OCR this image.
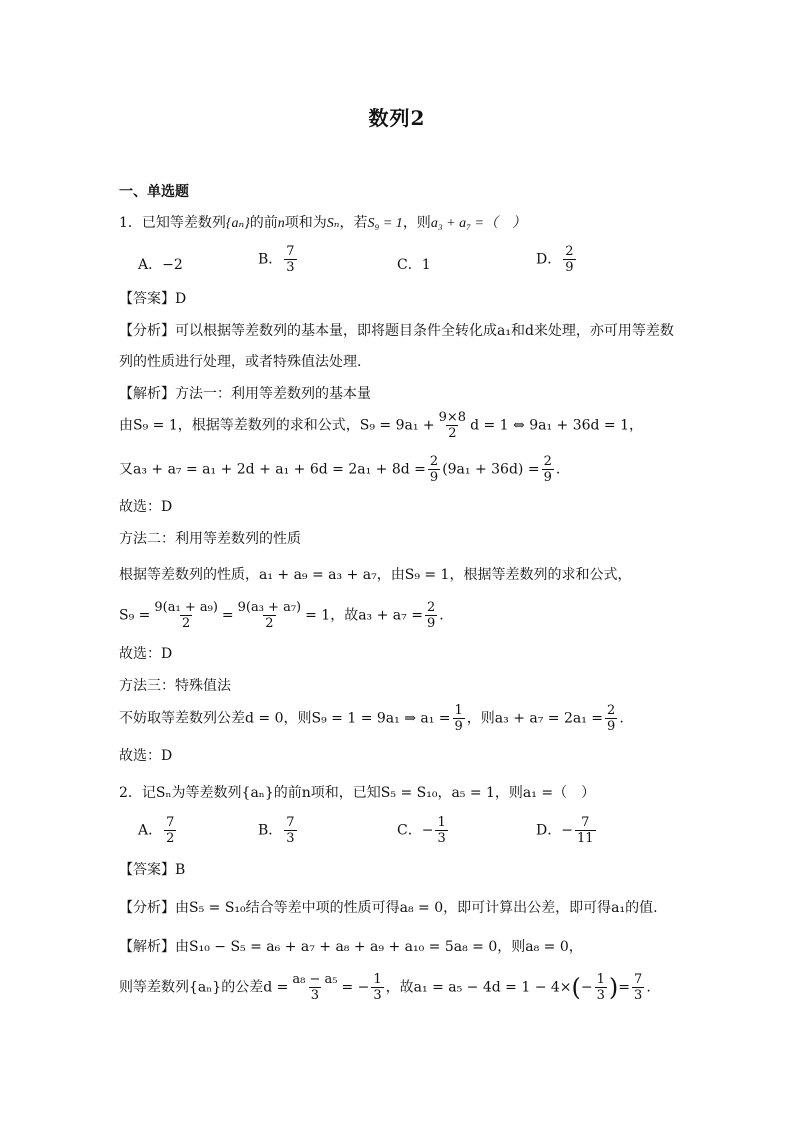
数列2
一、单选题
1．已知等差数列{aₙ}的前n项和为Sₙ，若S₉ = 1，则a₃ + a₇ =（　）
A．−2	B． $\frac{7}{3}$	C．1	D． $\frac{2}{9}$
【答案】D
【分析】可以根据等差数列的基本量，即将题目条件全转化成a₁和d来处理，亦可用等差数
列的性质进行处理，或者特殊值法处理.
【解析】方法一：利用等差数列的基本量
由S₉ = 1，根据等差数列的求和公式，$S_9 = 9a_1 + \frac{9\times 8}{2}$ d = 1 ⇔ 9a₁ + 36d = 1，
又$a_3 + a_7 = a_1 + 2d + a_1 + 6d = 2a_1 + 8d = \frac{2}{9} (9a_1 + 36d) = \frac{2}{9}$ .
故选：D
方法二：利用等差数列的性质
根据等差数列的性质，a₁ + a₉ = a₃ + a₇，由S₉ = 1，根据等差数列的求和公式，
$S_9 = \frac{\text{9(a₁ + a₉)}}{2} = \frac{\text{9(a₃ + a₇)}}{2} = 1$，故$a_3 + a_7 = \frac{2}{9}$ .
故选：D
方法三：特殊值法
不妨取等差数列公差d = 0，则S₉ = 1 = 9a₁ ⇒ $a_1 = \frac{1}{9}$ ，则$a_3 + a_7 = 2a_1 = \frac{2}{9}$ .
故选：D
2．记Sₙ为等差数列{aₙ}的前n项和，已知S₅ = S₁₀，a₅ = 1，则a₁ =（　）
A． $\frac{7}{2}$	B． $\frac{7}{3}$	C．− $\frac{1}{3}$	D．− $\frac{7}{11}$
【答案】B
【分析】由S₅ = S₁₀结合等差中项的性质可得a₈ = 0，即可计算出公差，即可得a₁的值.
【解析】由S₁₀ − S₅ = a₆ + a₇ + a₈ + a₉ + a₁₀ = 5a₈ = 0，则a₈ = 0，
则等差数列{aₙ}的公差$d = \frac{\text{a₈ − a₅}}{3}$ = − $\frac{1}{3}$ ，故$a_1 = a_5 - 4d = 1 - 4\times(- \frac{1}{3}$ )= $\frac{7}{3}$ .
